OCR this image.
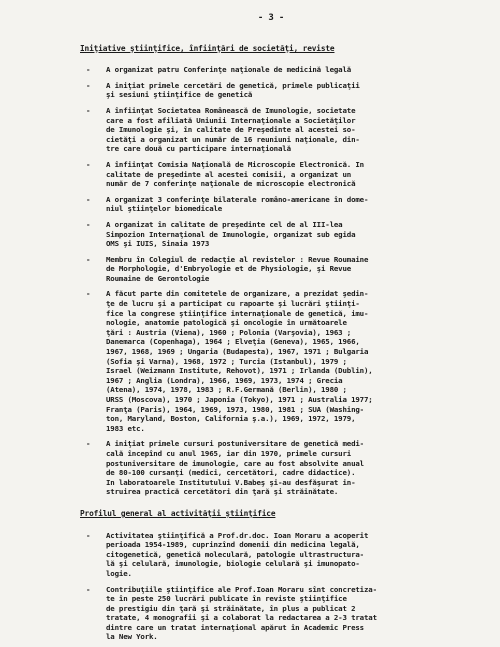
- 3 -
Iniţiative ştiinţifice, înfiinţări de societăţi, reviste
- A organizat patru Conferinţe naţionale de medicină legală
- A iniţiat primele cercetări de genetică, primele publicaţii
şi sesiuni ştiinţifice de genetică
- A înfiinţat Societatea Românească de Imunologie, societate
care a fost afiliată Uniunii Internaţionale a Societăţilor
de Imunologie şi, în calitate de Preşedinte al acestei so-
cietăţi a organizat un număr de 16 reuniuni naţionale, din-
tre care două cu participare internaţională
- A înfiinţat Comisia Naţională de Microscopie Electronică. In
calitate de preşedinte al acestei comisii, a organizat un
număr de 7 conferinţe naţionale de microscopie electronică
- A organizat 3 conferinţe bilaterale româno-americane în dome-
niul ştiinţelor biomedicale
- A organizat în calitate de preşedinte cel de al III-lea
Simpozion Internaţional de Imunologie, organizat sub egida
OMS şi IUIS, Sinaia 1973
- Membru în Colegiul de redacţie al revistelor : Revue Roumaine
de Morphologie, d'Embryologie et de Physiologie, şi Revue
Roumaine de Gerontologie
- A făcut parte din comitetele de organizare, a prezidat şedin-
ţe de lucru şi a participat cu rapoarte şi lucrări ştiinţi-
fice la congrese ştiinţifice internaţionale de genetică, imu-
nologie, anatomie patologică şi oncologie în următoarele
ţări : Austria (Viena), 1960 ; Polonia (Varşovia), 1963 ;
Danemarca (Copenhaga), 1964 ; Elveţia (Geneva), 1965, 1966,
1967, 1968, 1969 ; Ungaria (Budapesta), 1967, 1971 ; Bulgaria
(Sofia şi Varna), 1968, 1972 ; Turcia (Istanbul), 1979 ;
Israel (Weizmann Institute, Rehovot), 1971 ; Irlanda (Dublin),
1967 ; Anglia (Londra), 1966, 1969, 1973, 1974 ; Grecia
(Atena), 1974, 1978, 1983 ; R.F.Germană (Berlin), 1980 ;
URSS (Moscova), 1970 ; Japonia (Tokyo), 1971 ; Australia 1977;
Franţa (Paris), 1964, 1969, 1973, 1980, 1981 ; SUA (Washing-
ton, Maryland, Boston, California ş.a.), 1969, 1972, 1979,
1983 etc.
- A iniţiat primele cursuri postuniversitare de genetică medi-
cală începînd cu anul 1965, iar din 1970, primele cursuri
postuniversitare de imunologie, care au fost absolvite anual
de 80-100 cursanţi (medici, cercetători, cadre didactice).
In laboratoarele Institutului V.Babeş şi-au desfăşurat in-
struirea practică cercetători din ţară şi străinătate.
Profilul general al activităţii ştiinţifice
- Activitatea ştiinţifică a Prof.dr.doc. Ioan Moraru a acoperit
perioada 1954-1989, cuprinzînd domenii din medicina legală,
citogenetică, genetică moleculară, patologie ultrastructura-
lă şi celulară, imunologie, biologie celulară şi imunopato-
logie.
- Contribuţiile ştiinţifice ale Prof.Ioan Moraru sînt concretiza-
te în peste 250 lucrări publicate în reviste ştiinţifice
de prestigiu din ţară şi străinătate, în plus a publicat 2
tratate, 4 monografii şi a colaborat la redactarea a 2-3 tratat
dintre care un tratat internaţional apărut în Academic Press
la New York.
